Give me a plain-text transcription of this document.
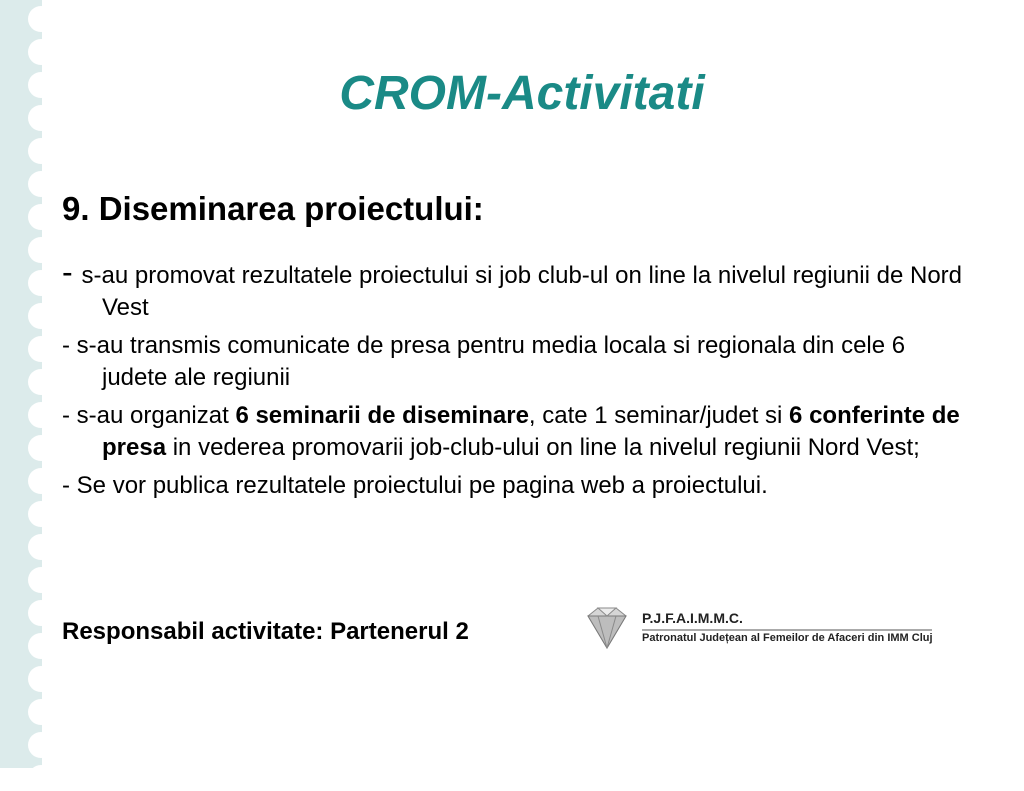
CROM-Activitati
9. Diseminarea proiectului:
- s-au promovat rezultatele proiectului si job club-ul on line la nivelul regiunii de Nord Vest
- s-au transmis comunicate de presa pentru media locala si regionala din cele 6 judete ale regiunii
- s-au organizat 6 seminarii de diseminare, cate 1 seminar/judet si 6 conferinte de presa in vederea promovarii job-club-ului on line la nivelul regiunii Nord Vest;
- Se vor publica rezultatele proiectului pe pagina web a proiectului.
Responsabil activitate: Partenerul 2	P.J.F.A.I.M.M.C.
Patronatul Județean al Femeilor de Afaceri din IMM Cluj
